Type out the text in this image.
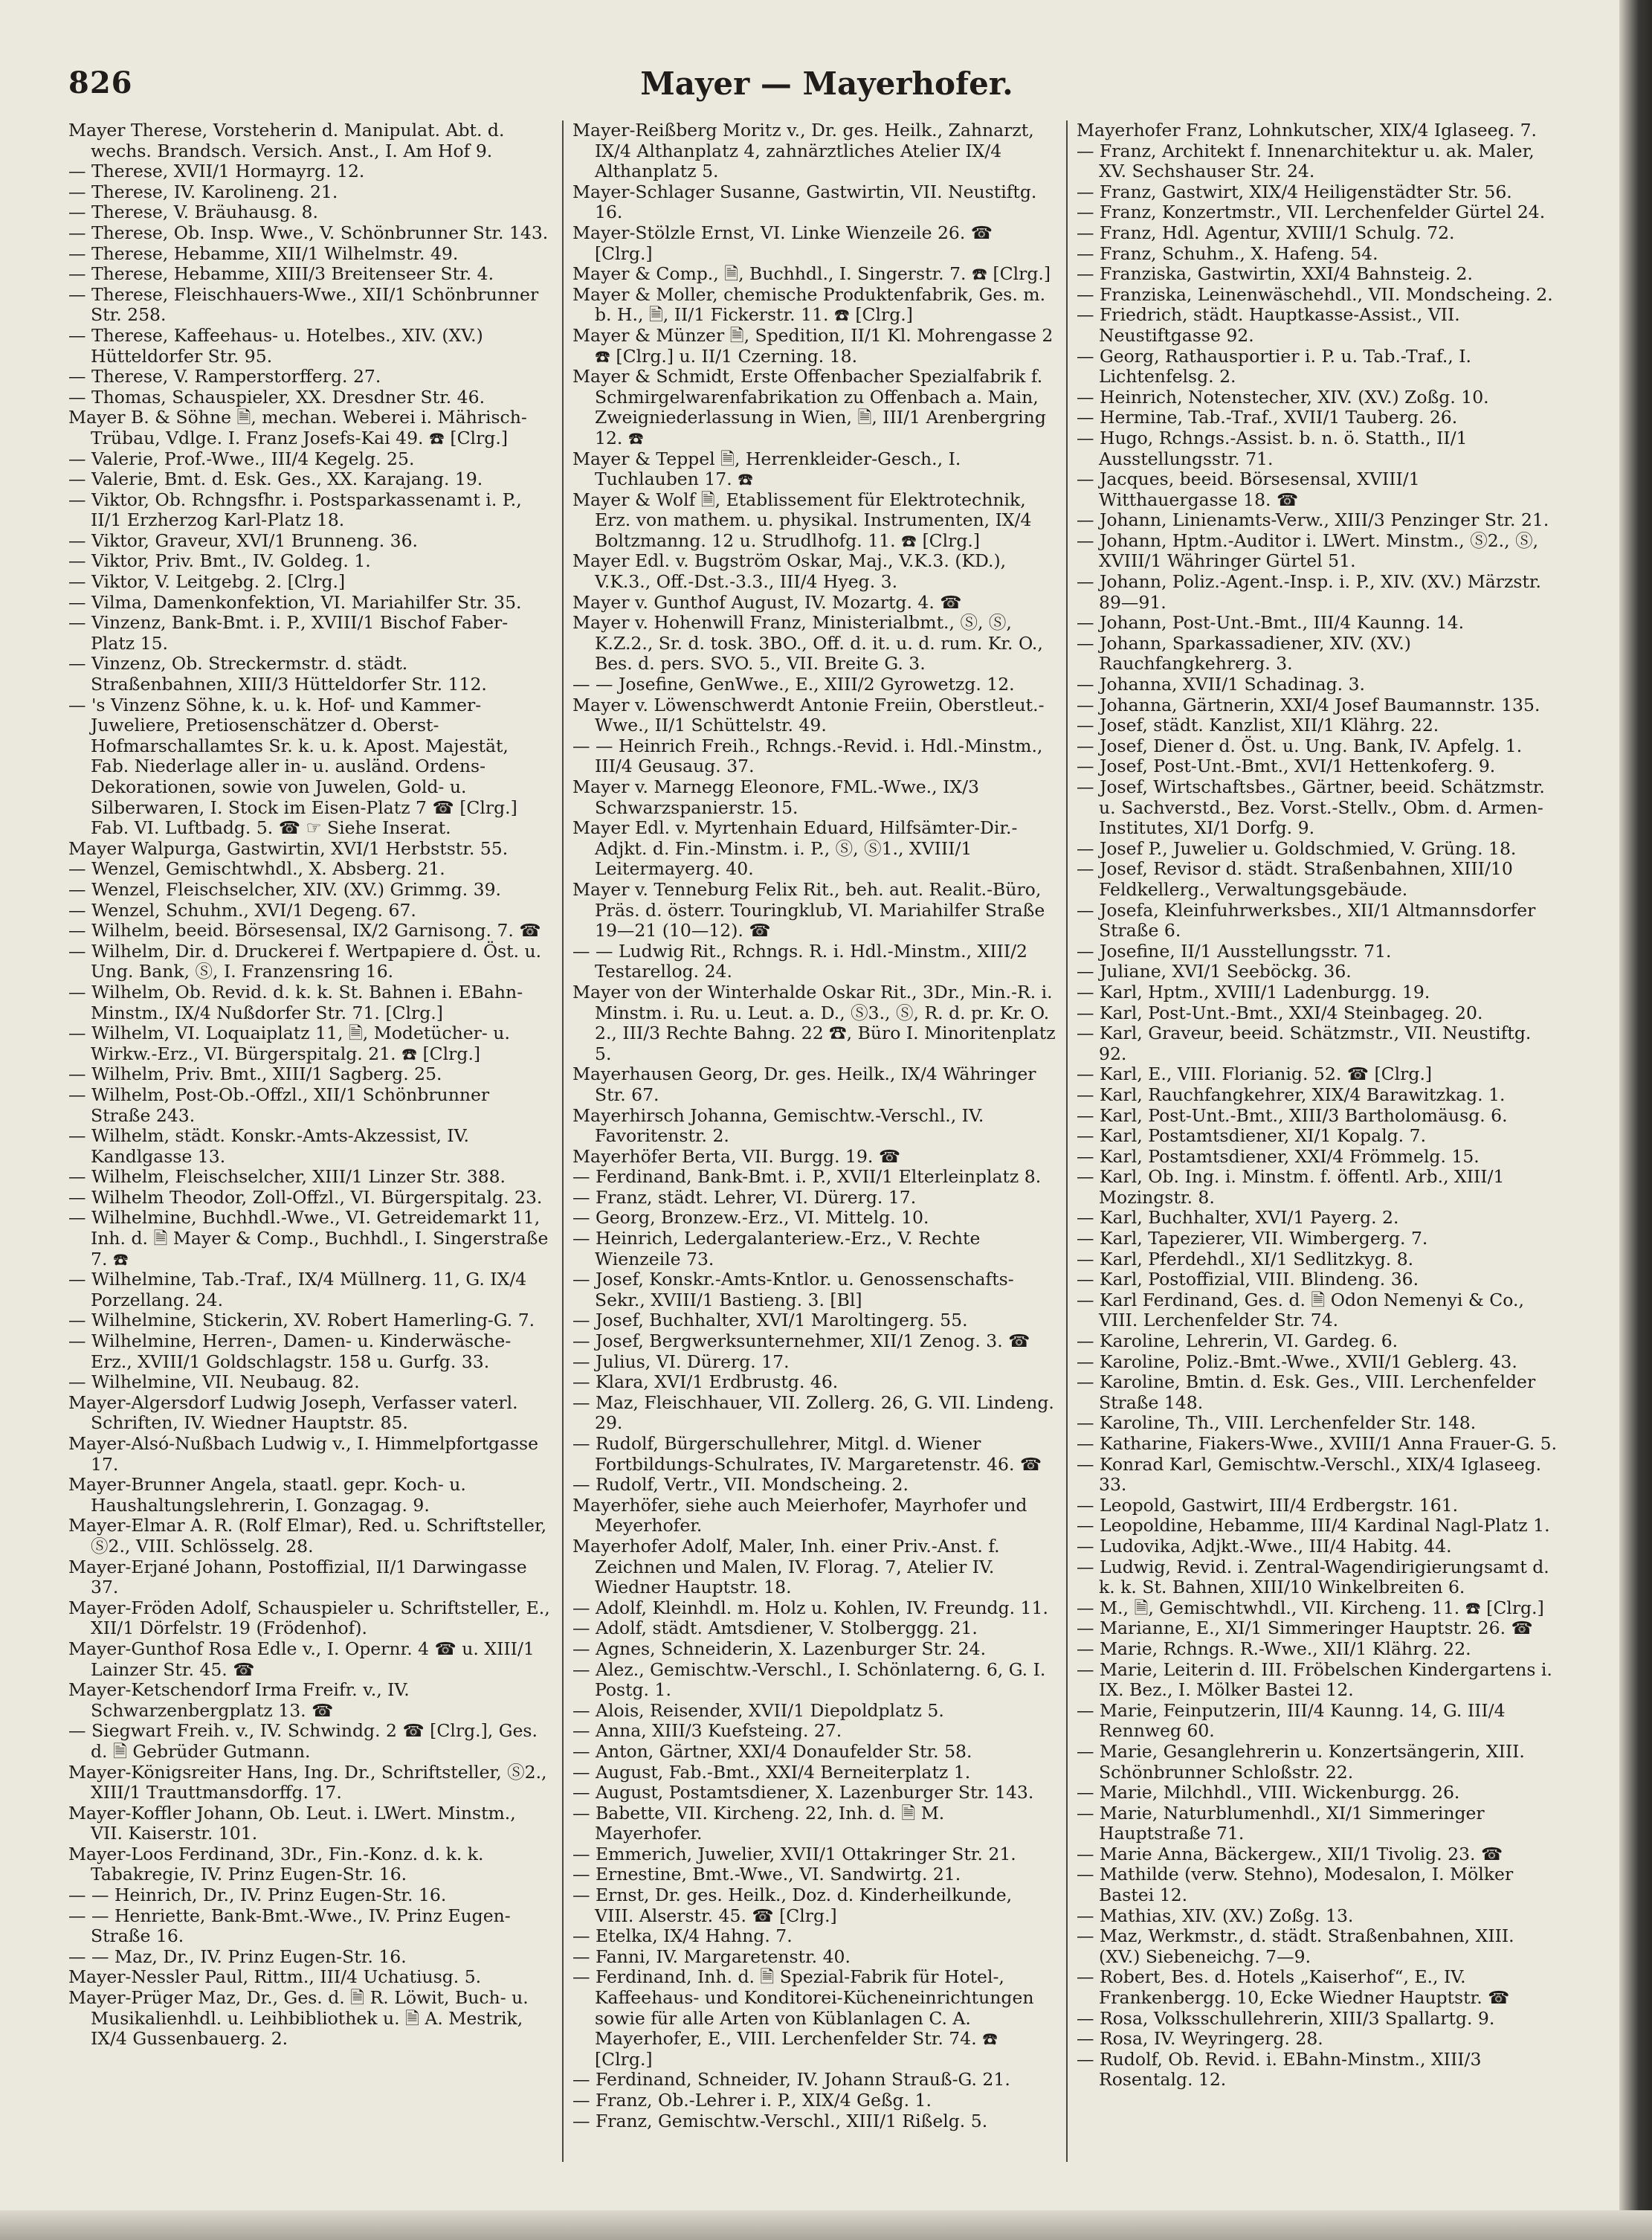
826	Mayer — Mayerhofer.
Mayer Therese, Vorsteherin d. Manipulat. Abt. d. wechs. Brandsch. Versich. Anst., I. Am Hof 9.
— Therese, XVII/1 Hormayrg. 12.
— Therese, IV. Karolineng. 21.
— Therese, V. Bräuhausg. 8.
— Therese, Ob. Insp. Wwe., V. Schönbrunner Str. 143.
— Therese, Hebamme, XII/1 Wilhelmstr. 49.
— Therese, Hebamme, XIII/3 Breitenseer Str. 4.
— Therese, Fleischhauers-Wwe., XII/1 Schönbrunner Str. 258.
— Therese, Kaffeehaus- u. Hotelbes., XIV. (XV.) Hütteldorfer Str. 95.
— Therese, V. Ramperstorfferg. 27.
— Thomas, Schauspieler, XX. Dresdner Str. 46.
Mayer B. & Söhne 🗎, mechan. Weberei i. Mährisch-Trübau, Vdlge. I. Franz Josefs-Kai 49. ☎ [Clrg.]
— Valerie, Prof.-Wwe., III/4 Kegelg. 25.
— Valerie, Bmt. d. Esk. Ges., XX. Karajang. 19.
— Viktor, Ob. Rchngsfhr. i. Postsparkassenamt i. P., II/1 Erzherzog Karl-Platz 18.
— Viktor, Graveur, XVI/1 Brunneng. 36.
— Viktor, Priv. Bmt., IV. Goldeg. 1.
— Viktor, V. Leitgebg. 2. [Clrg.]
— Vilma, Damenkonfektion, VI. Mariahilfer Str. 35.
— Vinzenz, Bank-Bmt. i. P., XVIII/1 Bischof Faber-Platz 15.
— Vinzenz, Ob. Streckermstr. d. städt. Straßenbahnen, XIII/3 Hütteldorfer Str. 112.
— 's Vinzenz Söhne, k. u. k. Hof- und Kammer-Juweliere, Pretiosenschätzer d. Oberst-Hofmarschallamtes Sr. k. u. k. Apost. Majestät, Fab. Niederlage aller in- u. ausländ. Ordens-Dekorationen, sowie von Juwelen, Gold- u. Silberwaren, I. Stock im Eisen-Platz 7 ☎ [Clrg.] Fab. VI. Luftbadg. 5. ☎ ☞ Siehe Inserat.
Mayer Walpurga, Gastwirtin, XVI/1 Herbststr. 55.
— Wenzel, Gemischtwhdl., X. Absberg. 21.
— Wenzel, Fleischselcher, XIV. (XV.) Grimmg. 39.
— Wenzel, Schuhm., XVI/1 Degeng. 67.
— Wilhelm, beeid. Börsesensal, IX/2 Garnisong. 7. ☎
— Wilhelm, Dir. d. Druckerei f. Wertpapiere d. Öst. u. Ung. Bank, Ⓢ, I. Franzensring 16.
— Wilhelm, Ob. Revid. d. k. k. St. Bahnen i. EBahn-Minstm., IX/4 Nußdorfer Str. 71. [Clrg.]
— Wilhelm, VI. Loquaiplatz 11, 🗎, Modetücher- u. Wirkw.-Erz., VI. Bürgerspitalg. 21. ☎ [Clrg.]
— Wilhelm, Priv. Bmt., XIII/1 Sagberg. 25.
— Wilhelm, Post-Ob.-Offzl., XII/1 Schönbrunner Straße 243.
— Wilhelm, städt. Konskr.-Amts-Akzessist, IV. Kandlgasse 13.
— Wilhelm, Fleischselcher, XIII/1 Linzer Str. 388.
— Wilhelm Theodor, Zoll-Offzl., VI. Bürgerspitalg. 23.
— Wilhelmine, Buchhdl.-Wwe., VI. Getreidemarkt 11, Inh. d. 🗎 Mayer & Comp., Buchhdl., I. Singerstraße 7. ☎
— Wilhelmine, Tab.-Traf., IX/4 Müllnerg. 11, G. IX/4 Porzellang. 24.
— Wilhelmine, Stickerin, XV. Robert Hamerling-G. 7.
— Wilhelmine, Herren-, Damen- u. Kinderwäsche-Erz., XVIII/1 Goldschlagstr. 158 u. Gurfg. 33.
— Wilhelmine, VII. Neubaug. 82.
Mayer-Algersdorf Ludwig Joseph, Verfasser vaterl. Schriften, IV. Wiedner Hauptstr. 85.
Mayer-Alsó-Nußbach Ludwig v., I. Himmelpfortgasse 17.
Mayer-Brunner Angela, staatl. gepr. Koch- u. Haushaltungslehrerin, I. Gonzagag. 9.
Mayer-Elmar A. R. (Rolf Elmar), Red. u. Schriftsteller, Ⓢ2., VIII. Schlösselg. 28.
Mayer-Erjané Johann, Postoffizial, II/1 Darwingasse 37.
Mayer-Fröden Adolf, Schauspieler u. Schriftsteller, E., XII/1 Dörfelstr. 19 (Frödenhof).
Mayer-Gunthof Rosa Edle v., I. Opernr. 4 ☎ u. XIII/1 Lainzer Str. 45. ☎
Mayer-Ketschendorf Irma Freifr. v., IV. Schwarzenbergplatz 13. ☎
— Siegwart Freih. v., IV. Schwindg. 2 ☎ [Clrg.], Ges. d. 🗎 Gebrüder Gutmann.
Mayer-Königsreiter Hans, Ing. Dr., Schriftsteller, Ⓢ2., XIII/1 Trauttmansdorffg. 17.
Mayer-Koffler Johann, Ob. Leut. i. LWert. Minstm., VII. Kaiserstr. 101.
Mayer-Loos Ferdinand, 3Dr., Fin.-Konz. d. k. k. Tabakregie, IV. Prinz Eugen-Str. 16.
— — Heinrich, Dr., IV. Prinz Eugen-Str. 16.
— — Henriette, Bank-Bmt.-Wwe., IV. Prinz Eugen-Straße 16.
— — Maz, Dr., IV. Prinz Eugen-Str. 16.
Mayer-Nessler Paul, Rittm., III/4 Uchatiusg. 5.
Mayer-Prüger Maz, Dr., Ges. d. 🗎 R. Löwit, Buch- u. Musikalienhdl. u. Leihbibliothek u. 🗎 A. Mestrik, IX/4 Gussenbauerg. 2.
Mayer-Reißberg Moritz v., Dr. ges. Heilk., Zahnarzt, IX/4 Althanplatz 4, zahnärztliches Atelier IX/4 Althanplatz 5.
Mayer-Schlager Susanne, Gastwirtin, VII. Neustiftg. 16.
Mayer-Stölzle Ernst, VI. Linke Wienzeile 26. ☎ [Clrg.]
Mayer & Comp., 🗎, Buchhdl., I. Singerstr. 7. ☎ [Clrg.]
Mayer & Moller, chemische Produktenfabrik, Ges. m. b. H., 🗎, II/1 Fickerstr. 11. ☎ [Clrg.]
Mayer & Münzer 🗎, Spedition, II/1 Kl. Mohrengasse 2 ☎ [Clrg.] u. II/1 Czerning. 18.
Mayer & Schmidt, Erste Offenbacher Spezialfabrik f. Schmirgelwarenfabrikation zu Offenbach a. Main, Zweigniederlassung in Wien, 🗎, III/1 Arenbergring 12. ☎
Mayer & Teppel 🗎, Herrenkleider-Gesch., I. Tuchlauben 17. ☎
Mayer & Wolf 🗎, Etablissement für Elektrotechnik, Erz. von mathem. u. physikal. Instrumenten, IX/4 Boltzmanng. 12 u. Strudlhofg. 11. ☎ [Clrg.]
Mayer Edl. v. Bugström Oskar, Maj., V.K.3. (KD.), V.K.3., Off.-Dst.-3.3., III/4 Hyeg. 3.
Mayer v. Gunthof August, IV. Mozartg. 4. ☎
Mayer v. Hohenwill Franz, Ministerialbmt., Ⓢ, Ⓢ, K.Z.2., Sr. d. tosk. 3BO., Off. d. it. u. d. rum. Kr. O., Bes. d. pers. SVO. 5., VII. Breite G. 3.
— — Josefine, GenWwe., E., XIII/2 Gyrowetzg. 12.
Mayer v. Löwenschwerdt Antonie Freiin, Oberstleut.-Wwe., II/1 Schüttelstr. 49.
— — Heinrich Freih., Rchngs.-Revid. i. Hdl.-Minstm., III/4 Geusaug. 37.
Mayer v. Marnegg Eleonore, FML.-Wwe., IX/3 Schwarzspanierstr. 15.
Mayer Edl. v. Myrtenhain Eduard, Hilfsämter-Dir.-Adjkt. d. Fin.-Minstm. i. P., Ⓢ, Ⓢ1., XVIII/1 Leitermayerg. 40.
Mayer v. Tenneburg Felix Rit., beh. aut. Realit.-Büro, Präs. d. österr. Touringklub, VI. Mariahilfer Straße 19—21 (10—12). ☎
— — Ludwig Rit., Rchngs. R. i. Hdl.-Minstm., XIII/2 Testarellog. 24.
Mayer von der Winterhalde Oskar Rit., 3Dr., Min.-R. i. Minstm. i. Ru. u. Leut. a. D., Ⓢ3., Ⓢ, R. d. pr. Kr. O. 2., III/3 Rechte Bahng. 22 ☎, Büro I. Minoritenplatz 5.
Mayerhausen Georg, Dr. ges. Heilk., IX/4 Währinger Str. 67.
Mayerhirsch Johanna, Gemischtw.-Verschl., IV. Favoritenstr. 2.
Mayerhöfer Berta, VII. Burgg. 19. ☎
— Ferdinand, Bank-Bmt. i. P., XVII/1 Elterleinplatz 8.
— Franz, städt. Lehrer, VI. Dürerg. 17.
— Georg, Bronzew.-Erz., VI. Mittelg. 10.
— Heinrich, Ledergalanteriew.-Erz., V. Rechte Wienzeile 73.
— Josef, Konskr.-Amts-Kntlor. u. Genossenschafts-Sekr., XVIII/1 Bastieng. 3. [Bl]
— Josef, Buchhalter, XVI/1 Maroltingerg. 55.
— Josef, Bergwerksunternehmer, XII/1 Zenog. 3. ☎
— Julius, VI. Dürerg. 17.
— Klara, XVI/1 Erdbrustg. 46.
— Maz, Fleischhauer, VII. Zollerg. 26, G. VII. Lindeng. 29.
— Rudolf, Bürgerschullehrer, Mitgl. d. Wiener Fortbildungs-Schulrates, IV. Margaretenstr. 46. ☎
— Rudolf, Vertr., VII. Mondscheing. 2.
Mayerhöfer, siehe auch Meierhofer, Mayrhofer und Meyerhofer.
Mayerhofer Adolf, Maler, Inh. einer Priv.-Anst. f. Zeichnen und Malen, IV. Florag. 7, Atelier IV. Wiedner Hauptstr. 18.
— Adolf, Kleinhdl. m. Holz u. Kohlen, IV. Freundg. 11.
— Adolf, städt. Amtsdiener, V. Stolberggg. 21.
— Agnes, Schneiderin, X. Lazenburger Str. 24.
— Alez., Gemischtw.-Verschl., I. Schönlaterng. 6, G. I. Postg. 1.
— Alois, Reisender, XVII/1 Diepoldplatz 5.
— Anna, XIII/3 Kuefsteing. 27.
— Anton, Gärtner, XXI/4 Donaufelder Str. 58.
— August, Fab.-Bmt., XXI/4 Berneiterplatz 1.
— August, Postamtsdiener, X. Lazenburger Str. 143.
— Babette, VII. Kircheng. 22, Inh. d. 🗎 M. Mayerhofer.
— Emmerich, Juwelier, XVII/1 Ottakringer Str. 21.
— Ernestine, Bmt.-Wwe., VI. Sandwirtg. 21.
— Ernst, Dr. ges. Heilk., Doz. d. Kinderheilkunde, VIII. Alserstr. 45. ☎ [Clrg.]
— Etelka, IX/4 Hahng. 7.
— Fanni, IV. Margaretenstr. 40.
— Ferdinand, Inh. d. 🗎 Spezial-Fabrik für Hotel-, Kaffeehaus- und Konditorei-Kücheneinrichtungen sowie für alle Arten von Küblanlagen C. A. Mayerhofer, E., VIII. Lerchenfelder Str. 74. ☎ [Clrg.]
— Ferdinand, Schneider, IV. Johann Strauß-G. 21.
— Franz, Ob.-Lehrer i. P., XIX/4 Geßg. 1.
— Franz, Gemischtw.-Verschl., XIII/1 Rißelg. 5.
Mayerhofer Franz, Lohnkutscher, XIX/4 Iglaseeg. 7.
— Franz, Architekt f. Innenarchitektur u. ak. Maler, XV. Sechshauser Str. 24.
— Franz, Gastwirt, XIX/4 Heiligenstädter Str. 56.
— Franz, Konzertmstr., VII. Lerchenfelder Gürtel 24.
— Franz, Hdl. Agentur, XVIII/1 Schulg. 72.
— Franz, Schuhm., X. Hafeng. 54.
— Franziska, Gastwirtin, XXI/4 Bahnsteig. 2.
— Franziska, Leinenwäschehdl., VII. Mondscheing. 2.
— Friedrich, städt. Hauptkasse-Assist., VII. Neustiftgasse 92.
— Georg, Rathausportier i. P. u. Tab.-Traf., I. Lichtenfelsg. 2.
— Heinrich, Notenstecher, XIV. (XV.) Zoßg. 10.
— Hermine, Tab.-Traf., XVII/1 Tauberg. 26.
— Hugo, Rchngs.-Assist. b. n. ö. Statth., II/1 Ausstellungsstr. 71.
— Jacques, beeid. Börsesensal, XVIII/1 Witthauergasse 18. ☎
— Johann, Linienamts-Verw., XIII/3 Penzinger Str. 21.
— Johann, Hptm.-Auditor i. LWert. Minstm., Ⓢ2., Ⓢ, XVIII/1 Währinger Gürtel 51.
— Johann, Poliz.-Agent.-Insp. i. P., XIV. (XV.) Märzstr. 89—91.
— Johann, Post-Unt.-Bmt., III/4 Kaunng. 14.
— Johann, Sparkassadiener, XIV. (XV.) Rauchfangkehrerg. 3.
— Johanna, XVII/1 Schadinag. 3.
— Johanna, Gärtnerin, XXI/4 Josef Baumannstr. 135.
— Josef, städt. Kanzlist, XII/1 Klährg. 22.
— Josef, Diener d. Öst. u. Ung. Bank, IV. Apfelg. 1.
— Josef, Post-Unt.-Bmt., XVI/1 Hettenkoferg. 9.
— Josef, Wirtschaftsbes., Gärtner, beeid. Schätzmstr. u. Sachverstd., Bez. Vorst.-Stellv., Obm. d. Armen-Institutes, XI/1 Dorfg. 9.
— Josef P., Juwelier u. Goldschmied, V. Grüng. 18.
— Josef, Revisor d. städt. Straßenbahnen, XIII/10 Feldkellerg., Verwaltungsgebäude.
— Josefa, Kleinfuhrwerksbes., XII/1 Altmannsdorfer Straße 6.
— Josefine, II/1 Ausstellungsstr. 71.
— Juliane, XVI/1 Seeböckg. 36.
— Karl, Hptm., XVIII/1 Ladenburgg. 19.
— Karl, Post-Unt.-Bmt., XXI/4 Steinbageg. 20.
— Karl, Graveur, beeid. Schätzmstr., VII. Neustiftg. 92.
— Karl, E., VIII. Florianig. 52. ☎ [Clrg.]
— Karl, Rauchfangkehrer, XIX/4 Barawitzkag. 1.
— Karl, Post-Unt.-Bmt., XIII/3 Bartholomäusg. 6.
— Karl, Postamtsdiener, XI/1 Kopalg. 7.
— Karl, Postamtsdiener, XXI/4 Frömmelg. 15.
— Karl, Ob. Ing. i. Minstm. f. öffentl. Arb., XIII/1 Mozingstr. 8.
— Karl, Buchhalter, XVI/1 Payerg. 2.
— Karl, Tapezierer, VII. Wimbergerg. 7.
— Karl, Pferdehdl., XI/1 Sedlitzkyg. 8.
— Karl, Postoffizial, VIII. Blindeng. 36.
— Karl Ferdinand, Ges. d. 🗎 Odon Nemenyi & Co., VIII. Lerchenfelder Str. 74.
— Karoline, Lehrerin, VI. Gardeg. 6.
— Karoline, Poliz.-Bmt.-Wwe., XVII/1 Geblerg. 43.
— Karoline, Bmtin. d. Esk. Ges., VIII. Lerchenfelder Straße 148.
— Karoline, Th., VIII. Lerchenfelder Str. 148.
— Katharine, Fiakers-Wwe., XVIII/1 Anna Frauer-G. 5.
— Konrad Karl, Gemischtw.-Verschl., XIX/4 Iglaseeg. 33.
— Leopold, Gastwirt, III/4 Erdbergstr. 161.
— Leopoldine, Hebamme, III/4 Kardinal Nagl-Platz 1.
— Ludovika, Adjkt.-Wwe., III/4 Habitg. 44.
— Ludwig, Revid. i. Zentral-Wagendirigierungsamt d. k. k. St. Bahnen, XIII/10 Winkelbreiten 6.
— M., 🗎, Gemischtwhdl., VII. Kircheng. 11. ☎ [Clrg.]
— Marianne, E., XI/1 Simmeringer Hauptstr. 26. ☎
— Marie, Rchngs. R.-Wwe., XII/1 Klährg. 22.
— Marie, Leiterin d. III. Fröbelschen Kindergartens i. IX. Bez., I. Mölker Bastei 12.
— Marie, Feinputzerin, III/4 Kaunng. 14, G. III/4 Rennweg 60.
— Marie, Gesanglehrerin u. Konzertsängerin, XIII. Schönbrunner Schloßstr. 22.
— Marie, Milchhdl., VIII. Wickenburgg. 26.
— Marie, Naturblumenhdl., XI/1 Simmeringer Hauptstraße 71.
— Marie Anna, Bäckergew., XII/1 Tivolig. 23. ☎
— Mathilde (verw. Stehno), Modesalon, I. Mölker Bastei 12.
— Mathias, XIV. (XV.) Zoßg. 13.
— Maz, Werkmstr., d. städt. Straßenbahnen, XIII. (XV.) Siebeneichg. 7—9.
— Robert, Bes. d. Hotels „Kaiserhof“, E., IV. Frankenbergg. 10, Ecke Wiedner Hauptstr. ☎
— Rosa, Volksschullehrerin, XIII/3 Spallartg. 9.
— Rosa, IV. Weyringerg. 28.
— Rudolf, Ob. Revid. i. EBahn-Minstm., XIII/3 Rosentalg. 12.
